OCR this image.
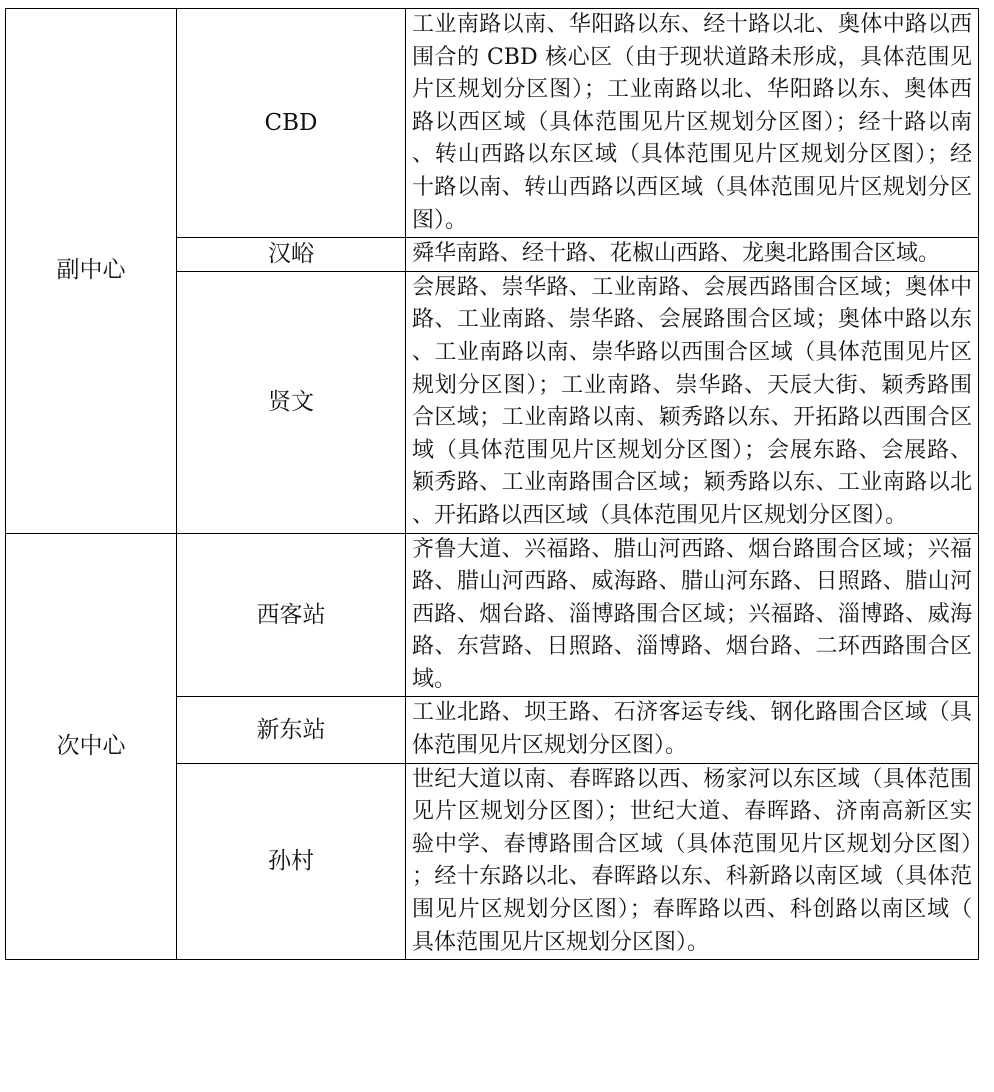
副中心	CBD	工业南路以南、华阳路以东、经十路以北、奥体中路以西围合的 CBD 核心区（由于现状道路未形成，具体范围见片区规划分区图）；工业南路以北、华阳路以东、奥体西路以西区域（具体范围见片区规划分区图）；经十路以南、转山西路以东区域（具体范围见片区规划分区图）；经十路以南、转山西路以西区域（具体范围见片区规划分区图）。
	汉峪	舜华南路、经十路、花椒山西路、龙奥北路围合区域。
	贤文	会展路、崇华路、工业南路、会展西路围合区域；奥体中路、工业南路、崇华路、会展路围合区域；奥体中路以东、工业南路以南、崇华路以西围合区域（具体范围见片区规划分区图）；工业南路、崇华路、天辰大街、颖秀路围合区域；工业南路以南、颖秀路以东、开拓路以西围合区域（具体范围见片区规划分区图）；会展东路、会展路、颖秀路、工业南路围合区域；颖秀路以东、工业南路以北、开拓路以西区域（具体范围见片区规划分区图）。
次中心	西客站	齐鲁大道、兴福路、腊山河西路、烟台路围合区域；兴福路、腊山河西路、威海路、腊山河东路、日照路、腊山河西路、烟台路、淄博路围合区域；兴福路、淄博路、威海路、东营路、日照路、淄博路、烟台路、二环西路围合区域。
	新东站	工业北路、坝王路、石济客运专线、钢化路围合区域（具体范围见片区规划分区图）。
	孙村	世纪大道以南、春晖路以西、杨家河以东区域（具体范围见片区规划分区图）；世纪大道、春晖路、济南高新区实验中学、春博路围合区域（具体范围见片区规划分区图）；经十东路以北、春晖路以东、科新路以南区域（具体范围见片区规划分区图）；春晖路以西、科创路以南区域（具体范围见片区规划分区图）。
